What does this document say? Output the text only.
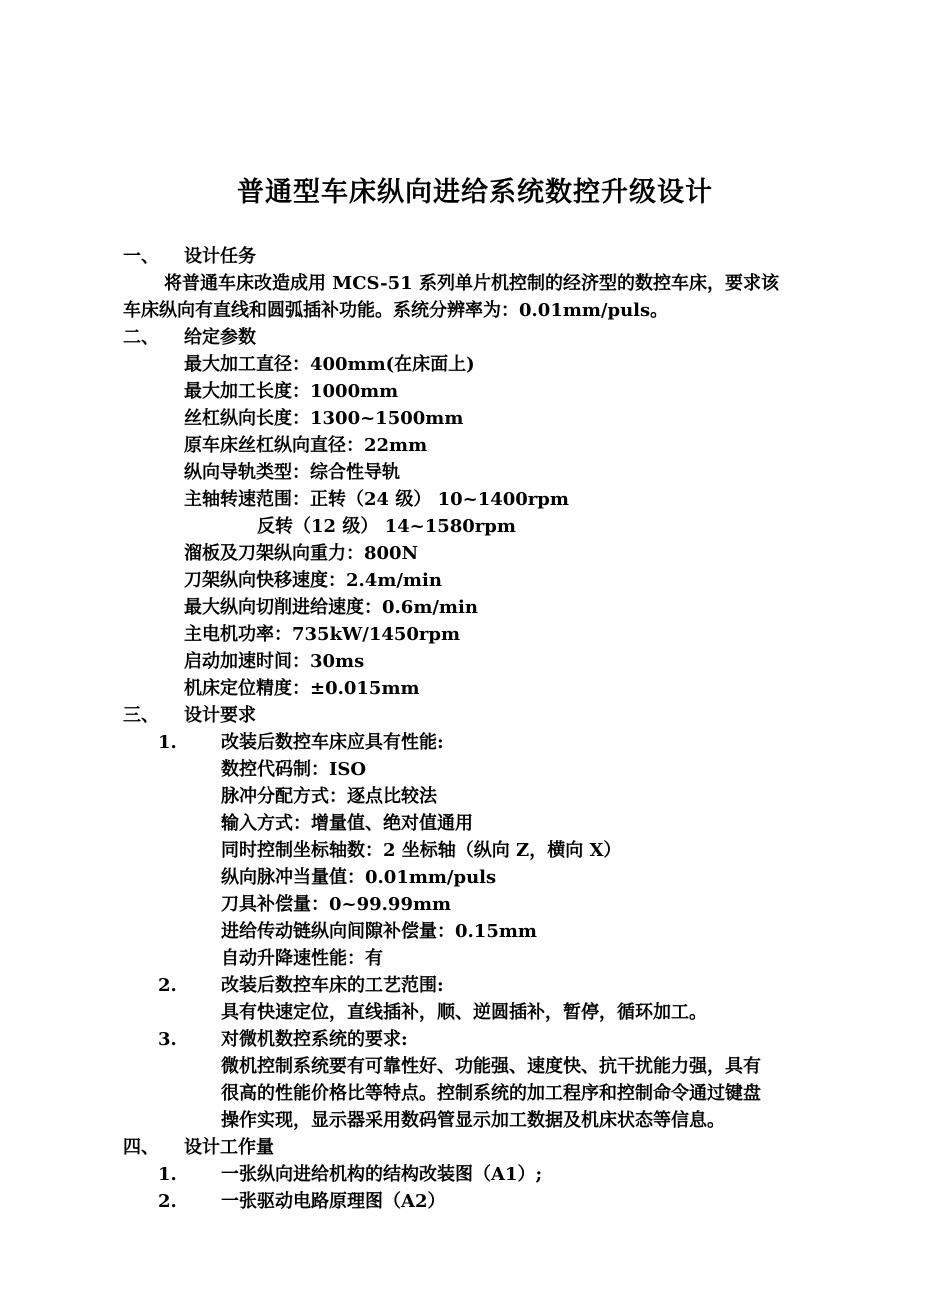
普通型车床纵向进给系统数控升级设计
一、 设计任务
将普通车床改造成用 MCS-51 系列单片机控制的经济型的数控车床，要求该
车床纵向有直线和圆弧插补功能。系统分辨率为：0.01mm/puls。
二、 给定参数
最大加工直径：400mm(在床面上)
最大加工长度：1000mm
丝杠纵向长度：1300~1500mm
原车床丝杠纵向直径：22mm
纵向导轨类型：综合性导轨
主轴转速范围：正转（24 级） 10~1400rpm
反转（12 级） 14~1580rpm
溜板及刀架纵向重力：800N
刀架纵向快移速度：2.4m/min
最大纵向切削进给速度：0.6m/min
主电机功率：735kW/1450rpm
启动加速时间：30ms
机床定位精度：±0.015mm
三、 设计要求
1. 改装后数控车床应具有性能:
数控代码制：ISO
脉冲分配方式：逐点比较法
输入方式：增量值、绝对值通用
同时控制坐标轴数：2 坐标轴（纵向 Z，横向 X）
纵向脉冲当量值：0.01mm/puls
刀具补偿量：0~99.99mm
进给传动链纵向间隙补偿量：0.15mm
自动升降速性能：有
2. 改装后数控车床的工艺范围:
具有快速定位，直线插补，顺、逆圆插补，暂停，循环加工。
3. 对微机数控系统的要求:
微机控制系统要有可靠性好、功能强、速度快、抗干扰能力强，具有
很高的性能价格比等特点。控制系统的加工程序和控制命令通过键盘
操作实现，显示器采用数码管显示加工数据及机床状态等信息。
四、 设计工作量
1. 一张纵向进给机构的结构改装图（A1）;
2. 一张驱动电路原理图（A2）
